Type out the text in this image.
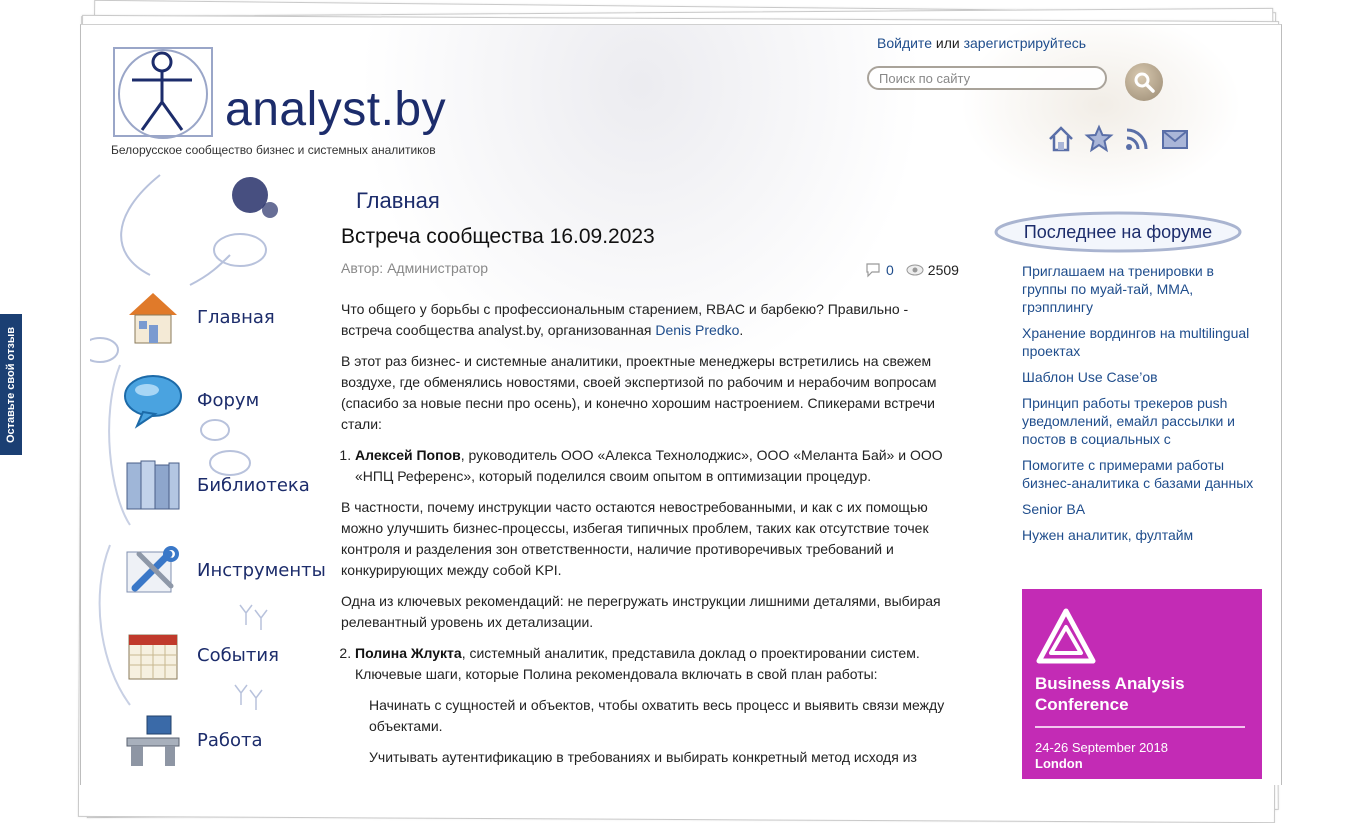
Оставьте свой отзыв
analyst.by
Белорусское сообщество бизнес и системных аналитиков
Войдите или зарегистрируйтесь
Поиск по сайту
Главная
Форум
Библиотека
Инструменты
События
Работа
Главная
Встреча сообщества 16.09.2023
Автор: Администратор	0 2509

Что общего у борьбы с профессиональным старением, RBAC и барбекю? Правильно - встреча сообщества analyst.by, организованная Denis Predko.

В этот раз бизнес- и системные аналитики, проектные менеджеры встретились на свежем воздухе, где обменялись новостями, своей экспертизой по рабочим и нерабочим вопросам (спасибо за новые песни про осень), и конечно хорошим настроением. Спикерами встречи стали:

1. Алексей Попов, руководитель ООО «Алекса Технолоджис», ООО «Меланта Бай» и ООО «НПЦ Референс», который поделился своим опытом в оптимизации процедур.

В частности, почему инструкции часто остаются невостребованными, и как с их помощью можно улучшить бизнес-процессы, избегая типичных проблем, таких как отсутствие точек контроля и разделения зон ответственности, наличие противоречивых требований и конкурирующих между собой KPI.

Одна из ключевых рекомендаций: не перегружать инструкции лишними деталями, выбирая релевантный уровень их детализации.

2. Полина Жлукта, системный аналитик, представила доклад о проектировании систем. Ключевые шаги, которые Полина рекомендовала включать в свой план работы:
Начинать с сущностей и объектов, чтобы охватить весь процесс и выявить связи между объектами.
Учитывать аутентификацию в требованиях и выбирать конкретный метод исходя из
Последнее на форуме
Приглашаем на тренировки в группы по муай-тай, ММА, грэпплингу
Хранение вордингов на multilingual проектах
Шаблон Use Case’ов
Принцип работы трекеров push уведомлений, емайл рассылки и постов в социальных с
Помогите с примерами работы бизнес-аналитика с базами данных
Senior BA
Нужен аналитик, фултайм
Business Analysis
Conference
24-26 September 2018
London
